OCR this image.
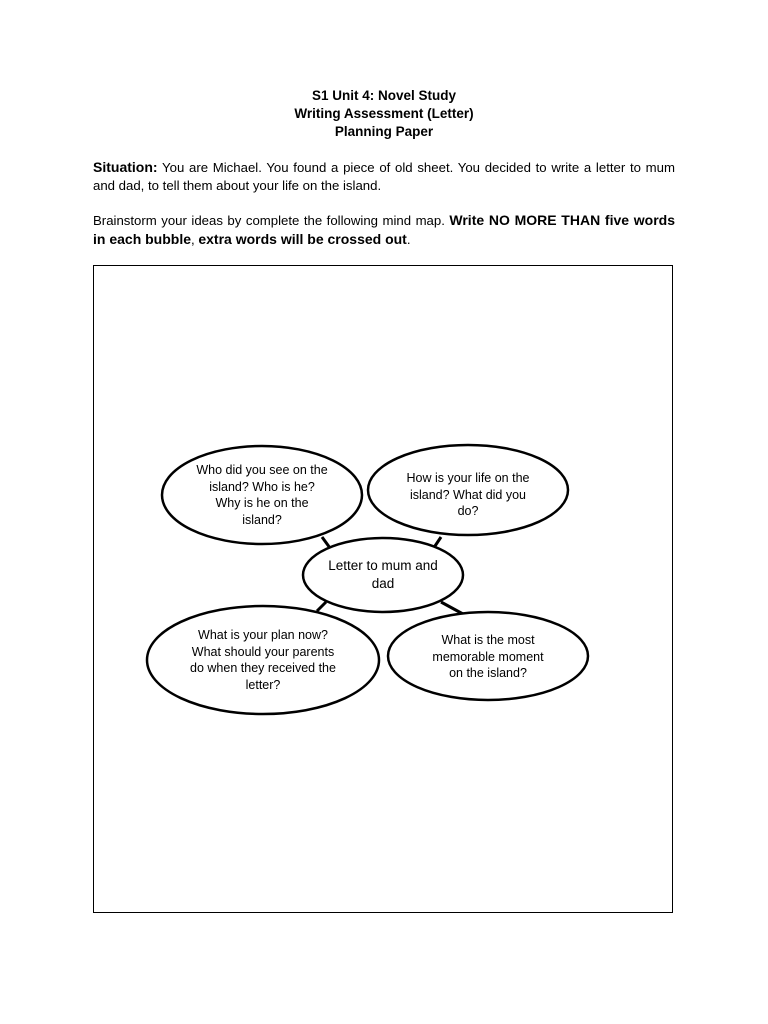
S1 Unit 4: Novel Study
Writing Assessment (Letter)
Planning Paper
Situation: You are Michael. You found a piece of old sheet. You decided to write a letter to mum and dad, to tell them about your life on the island.
Brainstorm your ideas by complete the following mind map. Write NO MORE THAN five words in each bubble, extra words will be crossed out.
Who did you see on the island? Who is he? Why is he on the island?
How is your life on the island? What did you do?
Letter to mum and dad
What is your plan now? What should your parents do when they received the letter?
What is the most memorable moment on the island?
